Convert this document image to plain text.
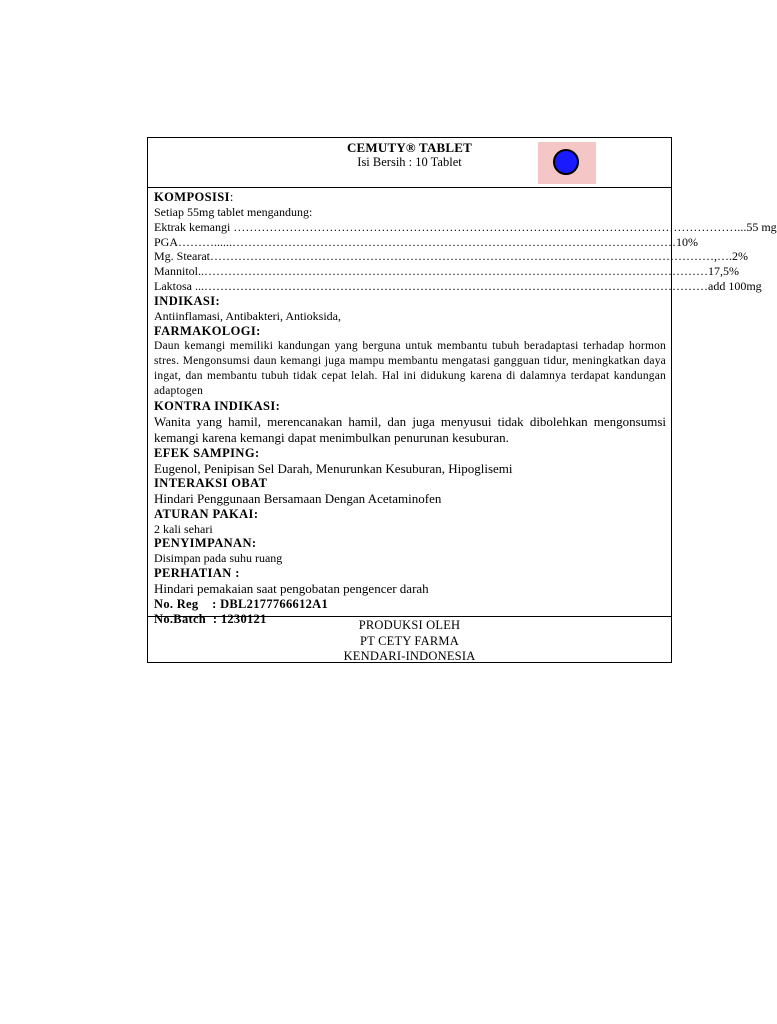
CEMUTY® TABLET
Isi Bersih : 10 Tablet
KOMPOSISI:
Setiap 55mg tablet mengandung:
Ektrak kemangi ……………………………………………………………………………………………………………… ...55 mg
PGA………......………………………………………………………………………………………………… 10%
Mg. Stearat…………………………………………………………………………………………………………… …,….2%
Mannitol..……………………………………………………………………………………………………………… 17,5%
Laktosa ...……………………………………………………………………………………………………………… add 100mg
INDIKASI:
Antiinflamasi, Antibakteri, Antioksida,
FARMAKOLOGI:
Daun kemangi memiliki kandungan yang berguna untuk membantu tubuh beradaptasi terhadap hormon stres. Mengonsumsi daun kemangi juga mampu membantu mengatasi gangguan tidur, meningkatkan daya ingat, dan membantu tubuh tidak cepat lelah. Hal ini didukung karena di dalamnya terdapat kandungan adaptogen
KONTRA INDIKASI:
Wanita yang hamil, merencanakan hamil, dan juga menyusui tidak dibolehkan mengonsumsi kemangi karena kemangi dapat menimbulkan penurunan kesuburan.
EFEK SAMPING:
Eugenol, Penipisan Sel Darah, Menurunkan Kesuburan, Hipoglisemi
INTERAKSI OBAT
Hindari Penggunaan Bersamaan Dengan Acetaminofen
ATURAN PAKAI:
2 kali sehari
PENYIMPANAN:
Disimpan pada suhu ruang
PERHATIAN :
Hindari pemakaian saat pengobatan pengencer darah
No. Reg    : DBL2177766612A1
No.Batch  : 1230121	PRODUKSI OLEH
PT CETY FARMA
KENDARI-INDONESIA
